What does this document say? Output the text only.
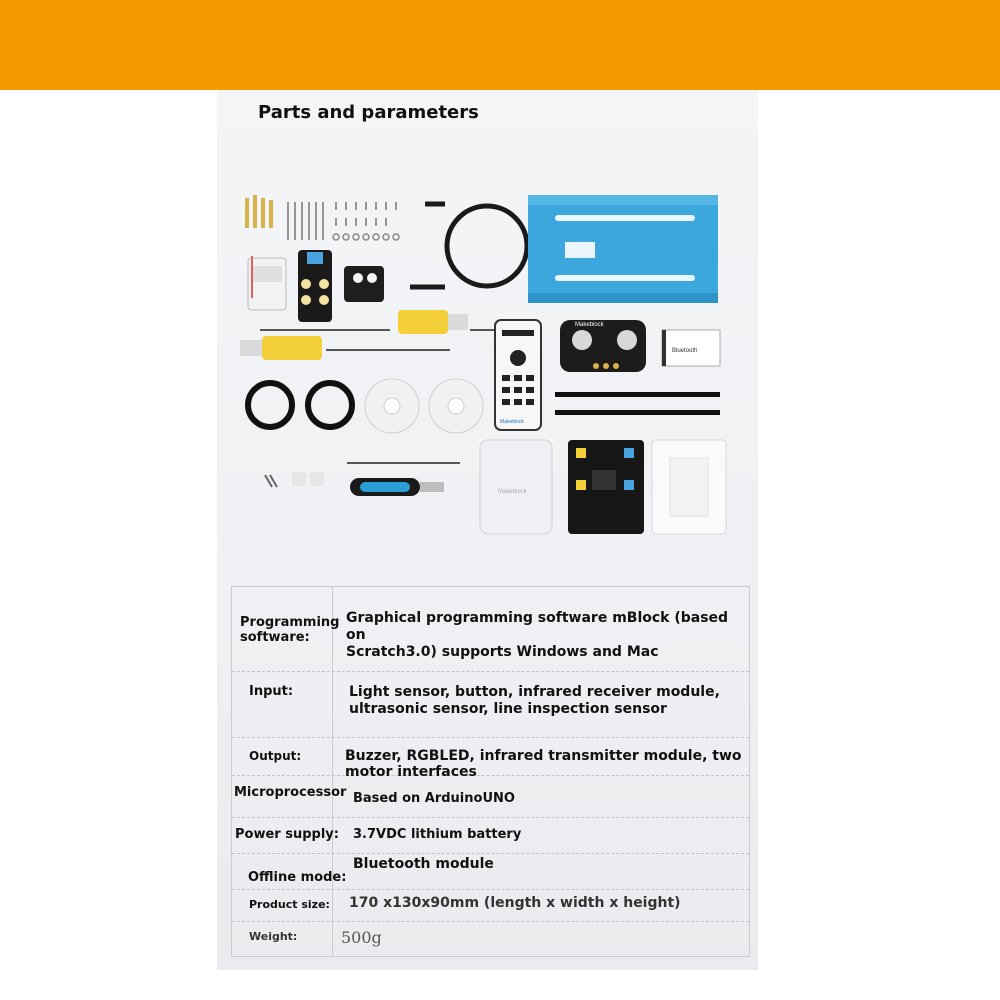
Parts and parameters
Makeblock
Makeblock
Bluetooth
Makeblock
Programming
software:
Graphical programming software mBlock (based on
Scratch3.0) supports Windows and Mac
Input:	Light sensor, button, infrared receiver module,
ultrasonic sensor, line inspection sensor
Output:	Buzzer, RGBLED, infrared transmitter module, two
motor interfaces
Microprocessor Based on ArduinoUNO
Power supply: 3.7VDC lithium battery
Offline mode:
Bluetooth module
Product size: 170 x130x90mm (length x width x height)
Weight:	500g
